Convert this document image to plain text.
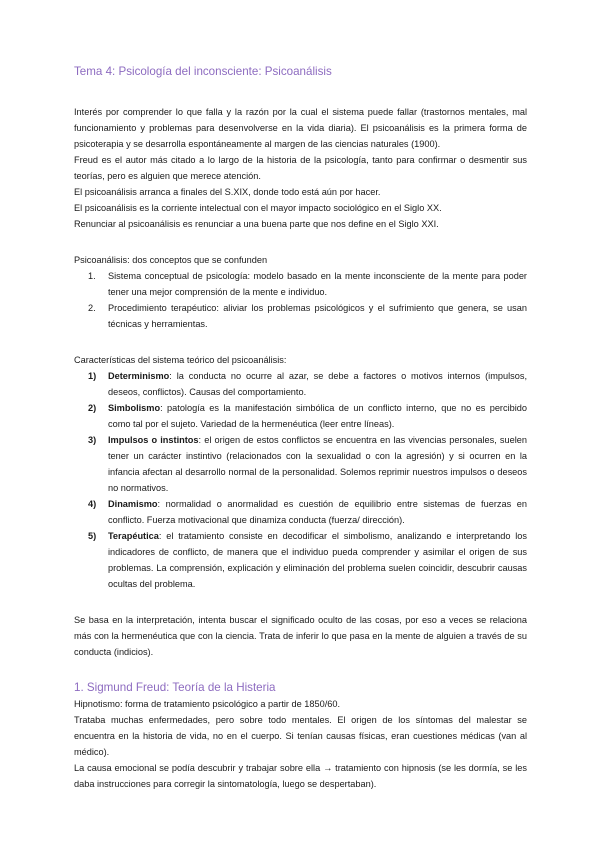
Tema 4: Psicología del inconsciente: Psicoanálisis

Interés por comprender lo que falla y la razón por la cual el sistema puede fallar (trastornos mentales, mal funcionamiento y problemas para desenvolverse en la vida diaria). El psicoanálisis es la primera forma de psicoterapia y se desarrolla espontáneamente al margen de las ciencias naturales (1900).

Freud es el autor más citado a lo largo de la historia de la psicología, tanto para confirmar o desmentir sus teorías, pero es alguien que merece atención.

El psicoanálisis arranca a finales del S.XIX, donde todo está aún por hacer.

El psicoanálisis es la corriente intelectual con el mayor impacto sociológico en el Siglo XX.

Renunciar al psicoanálisis es renunciar a una buena parte que nos define en el Siglo XXI.

Psicoanálisis: dos conceptos que se confunden

1. Sistema conceptual de psicología: modelo basado en la mente inconsciente de la mente para poder tener una mejor comprensión de la mente e individuo.
2. Procedimiento terapéutico: aliviar los problemas psicológicos y el sufrimiento que genera, se usan técnicas y herramientas.

Características del sistema teórico del psicoanálisis:

1) Determinismo: la conducta no ocurre al azar, se debe a factores o motivos internos (impulsos, deseos, conflictos). Causas del comportamiento.
2) Simbolismo: patología es la manifestación simbólica de un conflicto interno, que no es percibido como tal por el sujeto. Variedad de la hermenéutica (leer entre líneas).
3) Impulsos o instintos: el origen de estos conflictos se encuentra en las vivencias personales, suelen tener un carácter instintivo (relacionados con la sexualidad o con la agresión) y si ocurren en la infancia afectan al desarrollo normal de la personalidad. Solemos reprimir nuestros impulsos o deseos no normativos.
4) Dinamismo: normalidad o anormalidad es cuestión de equilibrio entre sistemas de fuerzas en conflicto. Fuerza motivacional que dinamiza conducta (fuerza/ dirección).
5) Terapéutica: el tratamiento consiste en decodificar el simbolismo, analizando e interpretando los indicadores de conflicto, de manera que el individuo pueda comprender y asimilar el origen de sus problemas. La comprensión, explicación y eliminación del problema suelen coincidir, descubrir causas ocultas del problema.

Se basa en la interpretación, intenta buscar el significado oculto de las cosas, por eso a veces se relaciona más con la hermenéutica que con la ciencia. Trata de inferir lo que pasa en la mente de alguien a través de su conducta (indicios).

1. Sigmund Freud: Teoría de la Histeria

Hipnotismo: forma de tratamiento psicológico a partir de 1850/60.

Trataba muchas enfermedades, pero sobre todo mentales. El origen de los síntomas del malestar se encuentra en la historia de vida, no en el cuerpo. Si tenían causas físicas, eran cuestiones médicas (van al médico).

La causa emocional se podía descubrir y trabajar sobre ella → tratamiento con hipnosis (se les dormía, se les daba instrucciones para corregir la sintomatología, luego se despertaban).
